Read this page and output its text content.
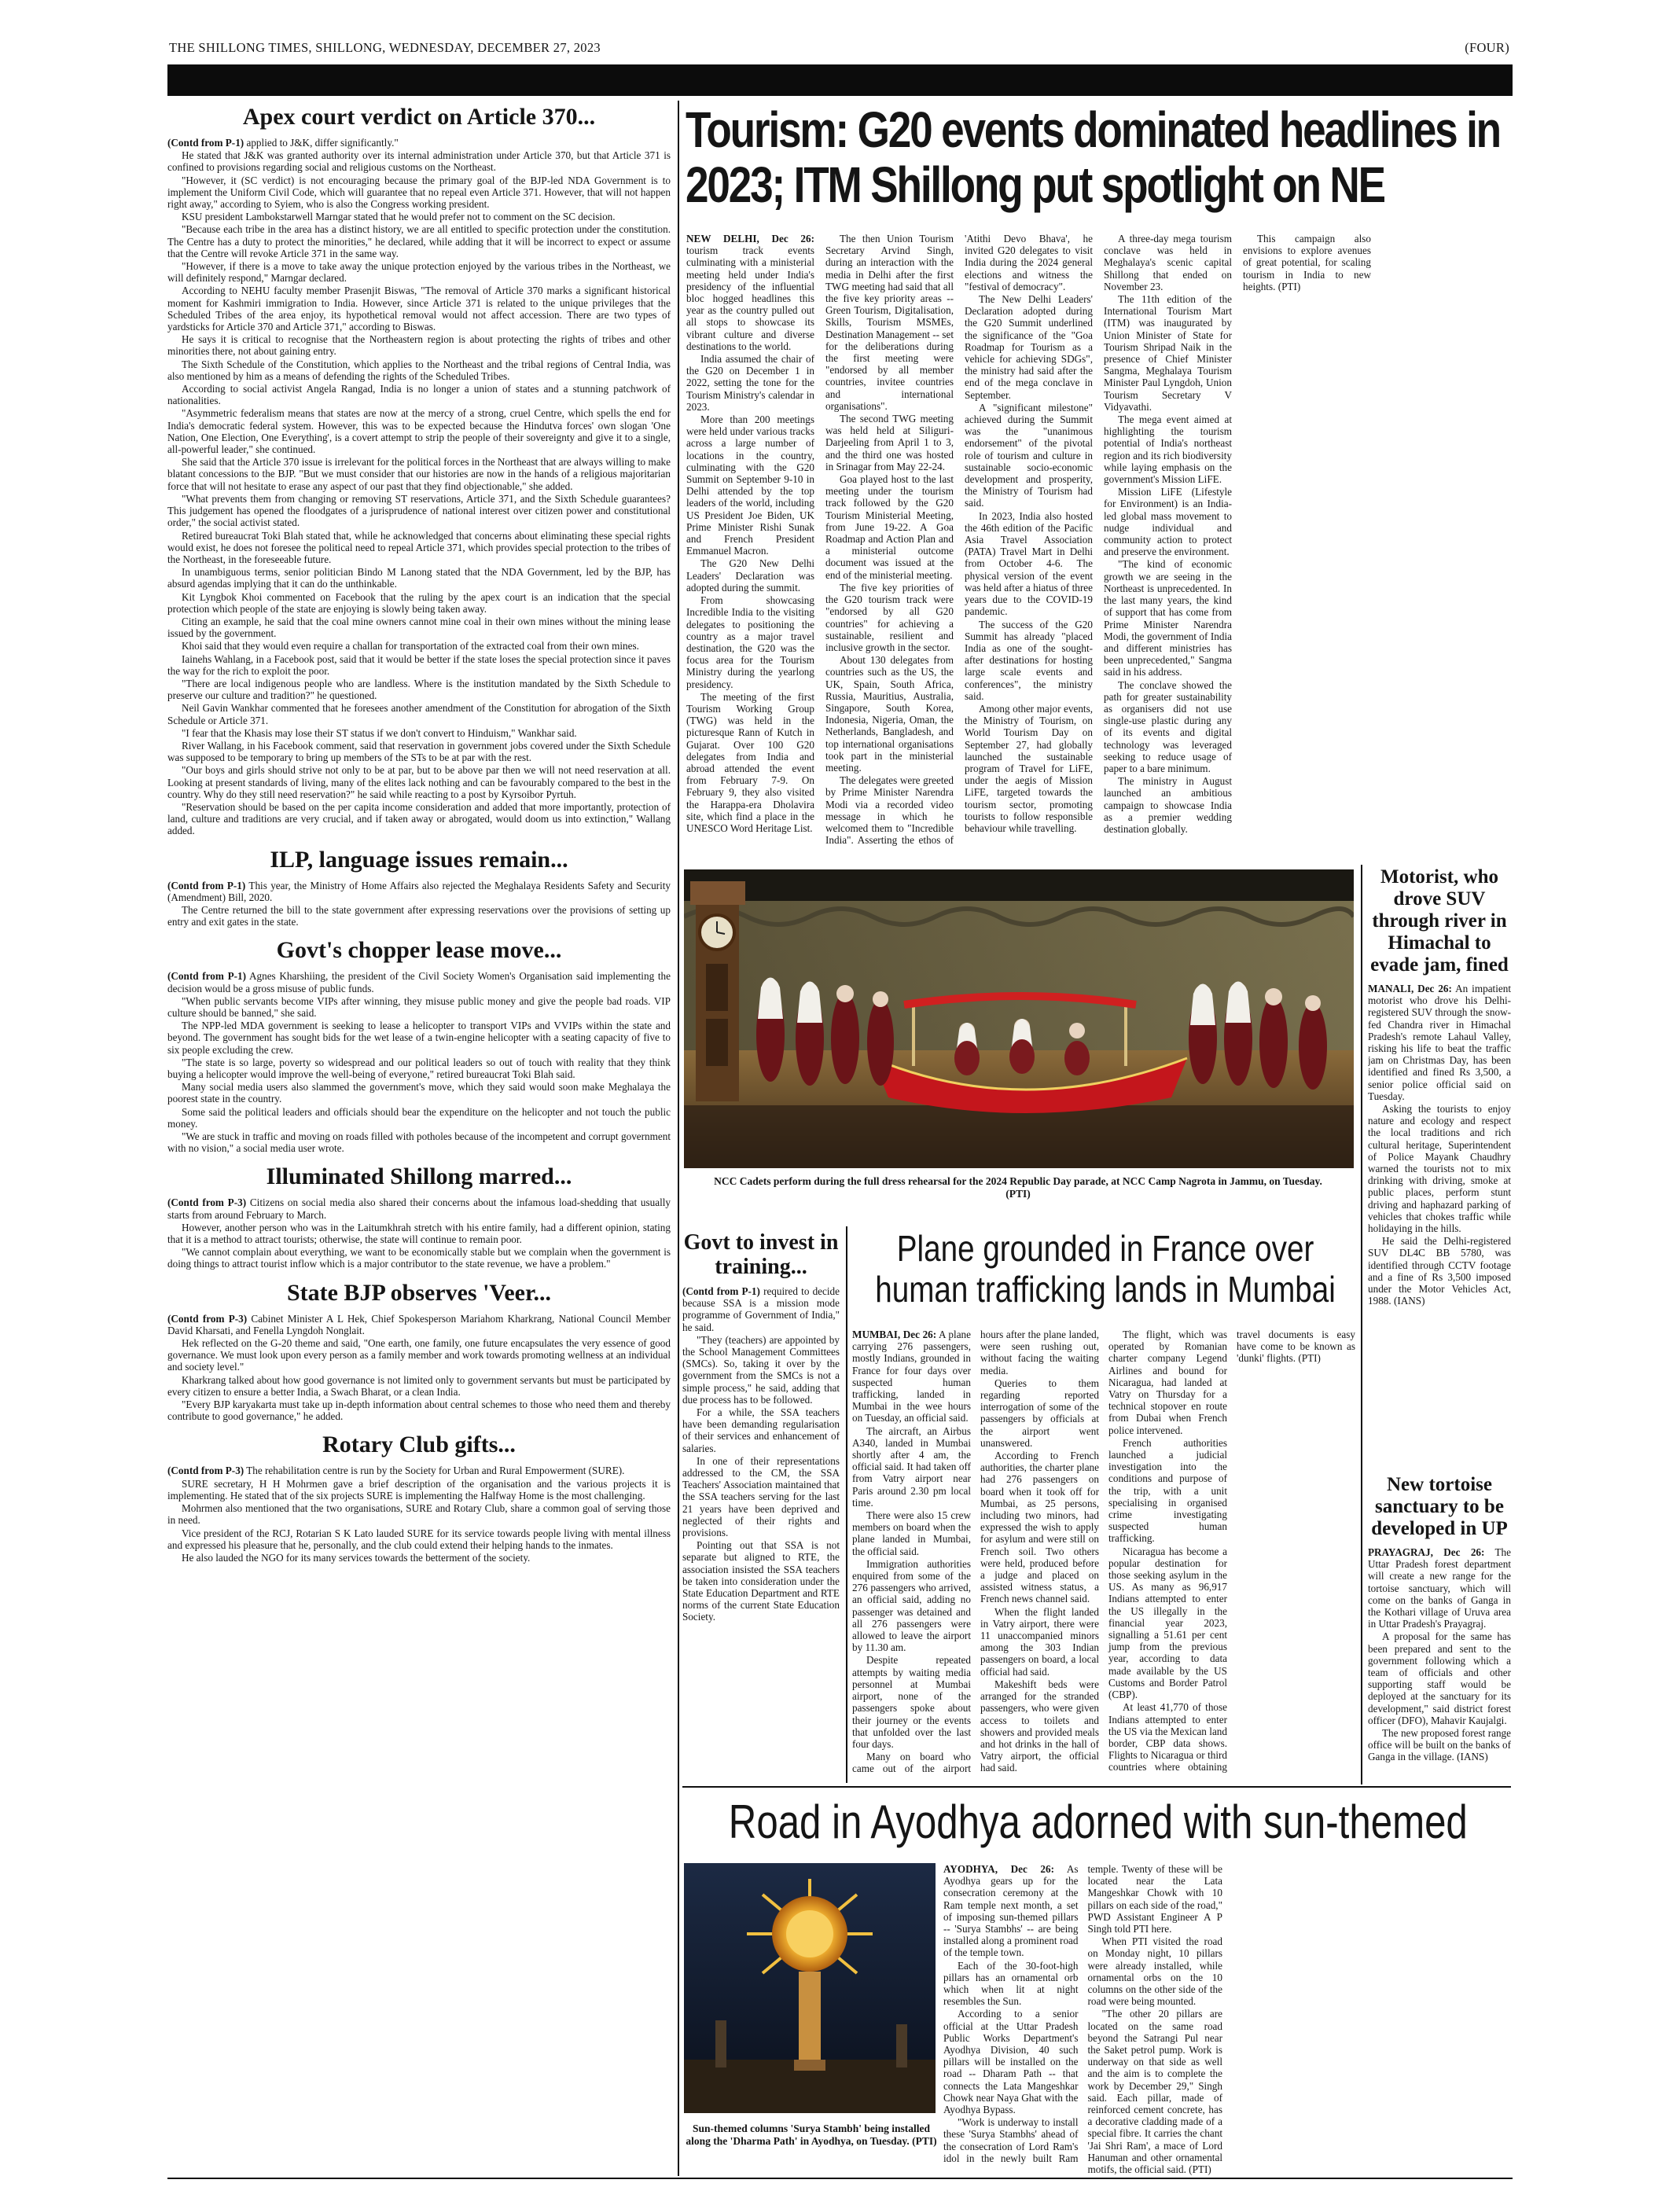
THE SHILLONG TIMES, SHILLONG, WEDNESDAY, DECEMBER 27, 2023	(FOUR)
Apex court verdict on Article 370...

(Contd from P-1) applied to J&K, differ significantly."

He stated that J&K was granted authority over its internal administration under Article 370, but that Article 371 is confined to provisions regarding social and religious customs on the Northeast.

"However, it (SC verdict) is not encouraging because the primary goal of the BJP-led NDA Government is to implement the Uniform Civil Code, which will guarantee that no repeal even Article 371. However, that will not happen right away," according to Syiem, who is also the Congress working president.

KSU president Lambokstarwell Marngar stated that he would prefer not to comment on the SC decision.

"Because each tribe in the area has a distinct history, we are all entitled to specific protection under the constitution. The Centre has a duty to protect the minorities," he declared, while adding that it will be incorrect to expect or assume that the Centre will revoke Article 371 in the same way.

"However, if there is a move to take away the unique protection enjoyed by the various tribes in the Northeast, we will definitely respond," Marngar declared.

According to NEHU faculty member Prasenjit Biswas, "The removal of Article 370 marks a significant historical moment for Kashmiri immigration to India. However, since Article 371 is related to the unique privileges that the Scheduled Tribes of the area enjoy, its hypothetical removal would not affect accession. There are two types of yardsticks for Article 370 and Article 371," according to Biswas.

He says it is critical to recognise that the Northeastern region is about protecting the rights of tribes and other minorities there, not about gaining entry.

The Sixth Schedule of the Constitution, which applies to the Northeast and the tribal regions of Central India, was also mentioned by him as a means of defending the rights of the Scheduled Tribes.

According to social activist Angela Rangad, India is no longer a union of states and a stunning patchwork of nationalities.

"Asymmetric federalism means that states are now at the mercy of a strong, cruel Centre, which spells the end for India's democratic federal system. However, this was to be expected because the Hindutva forces' own slogan 'One Nation, One Election, One Everything', is a covert attempt to strip the people of their sovereignty and give it to a single, all-powerful leader," she continued.

She said that the Article 370 issue is irrelevant for the political forces in the Northeast that are always willing to make blatant concessions to the BJP. "But we must consider that our histories are now in the hands of a religious majoritarian force that will not hesitate to erase any aspect of our past that they find objectionable," she added.

"What prevents them from changing or removing ST reservations, Article 371, and the Sixth Schedule guarantees? This judgement has opened the floodgates of a jurisprudence of national interest over citizen power and constitutional order," the social activist stated.

Retired bureaucrat Toki Blah stated that, while he acknowledged that concerns about eliminating these special rights would exist, he does not foresee the political need to repeal Article 371, which provides special protection to the tribes of the Northeast, in the foreseeable future.

In unambiguous terms, senior politician Bindo M Lanong stated that the NDA Government, led by the BJP, has absurd agendas implying that it can do the unthinkable.

Kit Lyngbok Khoi commented on Facebook that the ruling by the apex court is an indication that the special protection which people of the state are enjoying is slowly being taken away.

Citing an example, he said that the coal mine owners cannot mine coal in their own mines without the mining lease issued by the government.

Khoi said that they would even require a challan for transportation of the extracted coal from their own mines.

Iainehs Wahlang, in a Facebook post, said that it would be better if the state loses the special protection since it paves the way for the rich to exploit the poor.

"There are local indigenous people who are landless. Where is the institution mandated by the Sixth Schedule to preserve our culture and tradition?" he questioned.

Neil Gavin Wankhar commented that he foresees another amendment of the Constitution for abrogation of the Sixth Schedule or Article 371.

"I fear that the Khasis may lose their ST status if we don't convert to Hinduism," Wankhar said.

River Wallang, in his Facebook comment, said that reservation in government jobs covered under the Sixth Schedule was supposed to be temporary to bring up members of the STs to be at par with the rest.

"Our boys and girls should strive not only to be at par, but to be above par then we will not need reservation at all. Looking at present standards of living, many of the elites lack nothing and can be favourably compared to the best in the country. Why do they still need reservation?" he said while reacting to a post by Kyrsoibor Pyrtuh.

"Reservation should be based on the per capita income consideration and added that more importantly, protection of land, culture and traditions are very crucial, and if taken away or abrogated, would doom us into extinction," Wallang added.

ILP, language issues remain...

(Contd from P-1) This year, the Ministry of Home Affairs also rejected the Meghalaya Residents Safety and Security (Amendment) Bill, 2020.

The Centre returned the bill to the state government after expressing reservations over the provisions of setting up entry and exit gates in the state.

Govt's chopper lease move...

(Contd from P-1) Agnes Kharshiing, the president of the Civil Society Women's Organisation said implementing the decision would be a gross misuse of public funds.

"When public servants become VIPs after winning, they misuse public money and give the people bad roads. VIP culture should be banned," she said.

The NPP-led MDA government is seeking to lease a helicopter to transport VIPs and VVIPs within the state and beyond. The government has sought bids for the wet lease of a twin-engine helicopter with a seating capacity of five to six people excluding the crew.

"The state is so large, poverty so widespread and our political leaders so out of touch with reality that they think buying a helicopter would improve the well-being of everyone," retired bureaucrat Toki Blah said.

Many social media users also slammed the government's move, which they said would soon make Meghalaya the poorest state in the country.

Some said the political leaders and officials should bear the expenditure on the helicopter and not touch the public money.

"We are stuck in traffic and moving on roads filled with potholes because of the incompetent and corrupt government with no vision," a social media user wrote.

Illuminated Shillong marred...

(Contd from P-3) Citizens on social media also shared their concerns about the infamous load-shedding that usually starts from around February to March.

However, another person who was in the Laitumkhrah stretch with his entire family, had a different opinion, stating that it is a method to attract tourists; otherwise, the state will continue to remain poor.

"We cannot complain about everything, we want to be economically stable but we complain when the government is doing things to attract tourist inflow which is a major contributor to the state revenue, we have a problem."

State BJP observes 'Veer...

(Contd from P-3) Cabinet Minister A L Hek, Chief Spokesperson Mariahom Kharkrang, National Council Member David Kharsati, and Fenella Lyngdoh Nonglait.

Hek reflected on the G-20 theme and said, "One earth, one family, one future encapsulates the very essence of good governance. We must look upon every person as a family member and work towards promoting wellness at an individual and society level."

Kharkrang talked about how good governance is not limited only to government servants but must be participated by every citizen to ensure a better India, a Swach Bharat, or a clean India.

"Every BJP karyakarta must take up in-depth information about central schemes to those who need them and thereby contribute to good governance," he added.

Rotary Club gifts...

(Contd from P-3) The rehabilitation centre is run by the Society for Urban and Rural Empowerment (SURE).

SURE secretary, H H Mohrmen gave a brief description of the organisation and the various projects it is implementing. He stated that of the six projects SURE is implementing the Halfway Home is the most challenging.

Mohrmen also mentioned that the two organisations, SURE and Rotary Club, share a common goal of serving those in need.

Vice president of the RCJ, Rotarian S K Lato lauded SURE for its service towards people living with mental illness and expressed his pleasure that he, personally, and the club could extend their helping hands to the inmates.

He also lauded the NGO for its many services towards the betterment of the society.

Tourism: G20 events dominated headlines in 2023; ITM Shillong put spotlight on NE

NEW DELHI, Dec 26: tourism track events culminating with a ministerial meeting held under India's presidency of the influential bloc hogged headlines this year as the country pulled out all stops to showcase its vibrant culture and diverse destinations to the world.

India assumed the chair of the G20 on December 1 in 2022, setting the tone for the Tourism Ministry's calendar in 2023.

More than 200 meetings were held under various tracks across a large number of locations in the country, culminating with the G20 Summit on September 9-10 in Delhi attended by the top leaders of the world, including US President Joe Biden, UK Prime Minister Rishi Sunak and French President Emmanuel Macron.

The G20 New Delhi Leaders' Declaration was adopted during the summit.

From showcasing Incredible India to the visiting delegates to positioning the country as a major travel destination, the G20 was the focus area for the Tourism Ministry during the yearlong presidency.

The meeting of the first Tourism Working Group (TWG) was held in the picturesque Rann of Kutch in Gujarat. Over 100 G20 delegates from India and abroad attended the event from February 7-9. On February 9, they also visited the Harappa-era Dholavira site, which find a place in the UNESCO Word Heritage List.

The then Union Tourism Secretary Arvind Singh, during an interaction with the media in Delhi after the first TWG meeting had said that all the five key priority areas -- Green Tourism, Digitalisation, Skills, Tourism MSMEs, Destination Management -- set for the deliberations during the first meeting were "endorsed by all member countries, invitee countries and international organisations".

The second TWG meeting was held held at Siliguri-Darjeeling from April 1 to 3, and the third one was hosted in Srinagar from May 22-24.

Goa played host to the last meeting under the tourism track followed by the G20 Tourism Ministerial Meeting, from June 19-22. A Goa Roadmap and Action Plan and a ministerial outcome document was issued at the end of the ministerial meeting.

The five key priorities of the G20 tourism track were "endorsed by all G20 countries" for achieving a sustainable, resilient and inclusive growth in the sector.

About 130 delegates from countries such as the US, the UK, Spain, South Africa, Russia, Mauritius, Australia, Singapore, South Korea, Indonesia, Nigeria, Oman, the Netherlands, Bangladesh, and top international organisations took part in the ministerial meeting.

The delegates were greeted by Prime Minister Narendra Modi via a recorded video message in which he welcomed them to "Incredible India". Asserting the ethos of 'Atithi Devo Bhava', he invited G20 delegates to visit India during the 2024 general elections and witness the "festival of democracy".

The New Delhi Leaders' Declaration adopted during the G20 Summit underlined the significance of the "Goa Roadmap for Tourism as a vehicle for achieving SDGs", the ministry had said after the end of the mega conclave in September.

A "significant milestone" achieved during the Summit was the "unanimous endorsement" of the pivotal role of tourism and culture in sustainable socio-economic development and prosperity, the Ministry of Tourism had said.

In 2023, India also hosted the 46th edition of the Pacific Asia Travel Association (PATA) Travel Mart in Delhi from October 4-6. The physical version of the event was held after a hiatus of three years due to the COVID-19 pandemic.

The success of the G20 Summit has already "placed India as one of the sought-after destinations for hosting large scale events and conferences", the ministry said.

Among other major events, the Ministry of Tourism, on World Tourism Day on September 27, had globally launched the sustainable program of Travel for LiFE, under the aegis of Mission LiFE, targeted towards the tourism sector, promoting tourists to follow responsible behaviour while travelling.

A three-day mega tourism conclave was held in Meghalaya's scenic capital Shillong that ended on November 23.

The 11th edition of the International Tourism Mart (ITM) was inaugurated by Union Minister of State for Tourism Shripad Naik in the presence of Chief Minister Sangma, Meghalaya Tourism Minister Paul Lyngdoh, Union Tourism Secretary V Vidyavathi.

The mega event aimed at highlighting the tourism potential of India's northeast region and its rich biodiversity while laying emphasis on the government's Mission LiFE.

Mission LiFE (Lifestyle for Environment) is an India-led global mass movement to nudge individual and community action to protect and preserve the environment.

"The kind of economic growth we are seeing in the Northeast is unprecedented. In the last many years, the kind of support that has come from Prime Minister Narendra Modi, the government of India and different ministries has been unprecedented," Sangma said in his address.

The conclave showed the path for greater sustainability as organisers did not use single-use plastic during any of its events and digital technology was leveraged seeking to reduce usage of paper to a bare minimum.

The ministry in August launched an ambitious campaign to showcase India as a premier wedding destination globally.

This campaign also envisions to explore avenues of great potential, for scaling tourism in India to new heights. (PTI)

NCC Cadets perform during the full dress rehearsal for the 2024 Republic Day parade, at NCC Camp Nagrota in Jammu, on Tuesday. (PTI)
Motorist, who drove SUV through river in Himachal to evade jam, fined

MANALI, Dec 26: An impatient motorist who drove his Delhi-registered SUV through the snow-fed Chandra river in Himachal Pradesh's remote Lahaul Valley, risking his life to beat the traffic jam on Christmas Day, has been identified and fined Rs 3,500, a senior police official said on Tuesday.

Asking the tourists to enjoy nature and ecology and respect the local traditions and rich cultural heritage, Superintendent of Police Mayank Chaudhry warned the tourists not to mix drinking with driving, smoke at public places, perform stunt driving and haphazard parking of vehicles that chokes traffic while holidaying in the hills.

He said the Delhi-registered SUV DL4C BB 5780, was identified through CCTV footage and a fine of Rs 3,500 imposed under the Motor Vehicles Act, 1988. (IANS)

New tortoise sanctuary to be developed in UP

PRAYAGRAJ, Dec 26: The Uttar Pradesh forest department will create a new range for the tortoise sanctuary, which will come on the banks of Ganga in the Kothari village of Uruva area in Uttar Pradesh's Prayagraj.

A proposal for the same has been prepared and sent to the government following which a team of officials and other supporting staff would be deployed at the sanctuary for its development," said district forest officer (DFO), Mahavir Kaujalgi.

The new proposed forest range office will be built on the banks of Ganga in the village. (IANS)

Govt to invest in training...

(Contd from P-1) required to decide because SSA is a mission mode programme of Government of India," he said.

"They (teachers) are appointed by the School Management Committees (SMCs). So, taking it over by the government from the SMCs is not a simple process," he said, adding that due process has to be followed.

For a while, the SSA teachers have been demanding regularisation of their services and enhancement of salaries.

In one of their representations addressed to the CM, the SSA Teachers' Association maintained that the SSA teachers serving for the last 21 years have been deprived and neglected of their rights and provisions.

Pointing out that SSA is not separate but aligned to RTE, the association insisted the SSA teachers be taken into consideration under the State Education Department and RTE norms of the current State Education Society.

Plane grounded in France over human trafficking lands in Mumbai

MUMBAI, Dec 26: A plane carrying 276 passengers, mostly Indians, grounded in France for four days over suspected human trafficking, landed in Mumbai in the wee hours on Tuesday, an official said.

The aircraft, an Airbus A340, landed in Mumbai shortly after 4 am, the official said. It had taken off from Vatry airport near Paris around 2.30 pm local time.

There were also 15 crew members on board when the plane landed in Mumbai, the official said.

Immigration authorities enquired from some of the 276 passengers who arrived, an official said, adding no passenger was detained and all 276 passengers were allowed to leave the airport by 11.30 am.

Despite repeated attempts by waiting media personnel at Mumbai airport, none of the passengers spoke about their journey or the events that unfolded over the last four days.

Many on board who came out of the airport hours after the plane landed, were seen rushing out, without facing the waiting media.

Queries to them regarding reported interrogation of some of the passengers by officials at the airport went unanswered.

According to French authorities, the charter plane had 276 passengers on board when it took off for Mumbai, as 25 persons, including two minors, had expressed the wish to apply for asylum and were still on French soil. Two others were held, produced before a judge and placed on assisted witness status, a French news channel said.

When the flight landed in Vatry airport, there were 11 unaccompanied minors among the 303 Indian passengers on board, a local official had said.

Makeshift beds were arranged for the stranded passengers, who were given access to toilets and showers and provided meals and hot drinks in the hall of Vatry airport, the official had said.

The flight, which was operated by Romanian charter company Legend Airlines and bound for Nicaragua, had landed at Vatry on Thursday for a technical stopover en route from Dubai when French police intervened.

French authorities launched a judicial investigation into the conditions and purpose of the trip, with a unit specialising in organised crime investigating suspected human trafficking.

Nicaragua has become a popular destination for those seeking asylum in the US. As many as 96,917 Indians attempted to enter the US illegally in the financial year 2023, signalling a 51.61 per cent jump from the previous year, according to data made available by the US Customs and Border Patrol (CBP).

At least 41,770 of those Indians attempted to enter the US via the Mexican land border, CBP data shows. Flights to Nicaragua or third countries where obtaining travel documents is easy have come to be known as 'dunki' flights. (PTI)

Road in Ayodhya adorned with sun-themed
Sun-themed columns 'Surya Stambh' being installed along the 'Dharma Path' in Ayodhya, on Tuesday. (PTI)

AYODHYA, Dec 26: As Ayodhya gears up for the consecration ceremony at the Ram temple next month, a set of imposing sun-themed pillars -- 'Surya Stambhs' -- are being installed along a prominent road of the temple town.

Each of the 30-foot-high pillars has an ornamental orb which when lit at night resembles the Sun.

According to a senior official at the Uttar Pradesh Public Works Department's Ayodhya Division, 40 such pillars will be installed on the road -- Dharam Path -- that connects the Lata Mangeshkar Chowk near Naya Ghat with the Ayodhya Bypass.

"Work is underway to install these 'Surya Stambhs' ahead of the consecration of Lord Ram's idol in the newly built Ram temple. Twenty of these will be located near the Lata Mangeshkar Chowk with 10 pillars on each side of the road," PWD Assistant Engineer A P Singh told PTI here.

When PTI visited the road on Monday night, 10 pillars were already installed, while ornamental orbs on the 10 columns on the other side of the road were being mounted.

"The other 20 pillars are located on the same road beyond the Satrangi Pul near the Saket petrol pump. Work is underway on that side as well and the aim is to complete the work by December 29," Singh said. Each pillar, made of reinforced cement concrete, has a decorative cladding made of a special fibre. It carries the chant 'Jai Shri Ram', a mace of Lord Hanuman and other ornamental motifs, the official said. (PTI)
